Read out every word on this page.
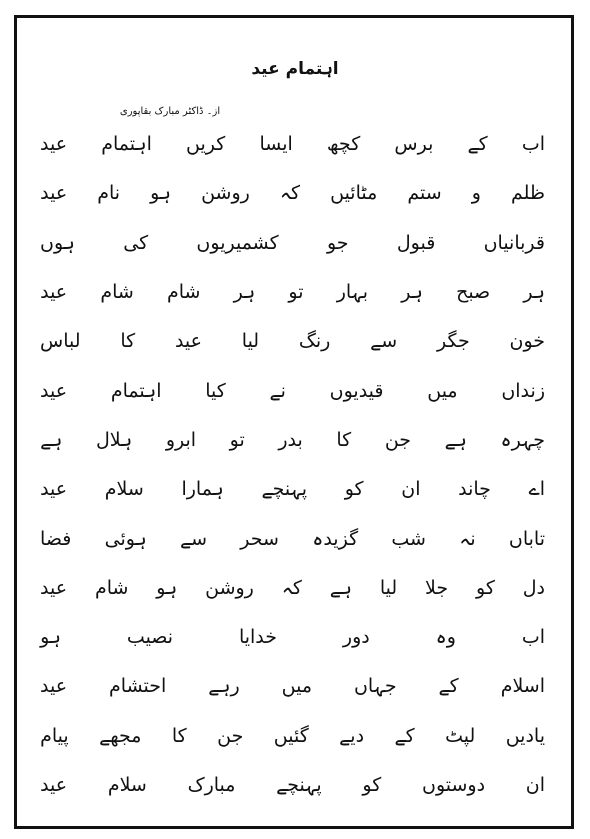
اہتمام عید
از۔ ڈاکٹر مبارک بقاپوری
اب
کے
برس
کچھ
ایسا
کریں
اہتمام
عید
ظلم
و
ستم
مٹائیں
کہ
روشن
ہو
نام
عید
قربانیاں
قبول
جو
کشمیریوں
کی
ہوں
ہر
صبح
ہر
بہار
تو
ہر
شام
شام
عید
خون
جگر
سے
رنگ
لیا
عید
کا
لباس
زنداں
میں
قیدیوں
نے
کیا
اہتمام
عید
چہرہ
ہے
جن
کا
بدر
تو
ابرو
ہلال
ہے
اے
چاند
ان
کو
پہنچے
ہمارا
سلام
عید
تاباں
نہ
شب
گزیدہ
سحر
سے
ہوئی
فضا
دل
کو
جلا
لیا
ہے
کہ
روشن
ہو
شام
عید
اب
وہ
دور
خدایا
نصیب
ہو
اسلام
کے
جہاں
میں
رہے
احتشام
عید
یادیں
لپٹ
کے
دیے
گئیں
جن
کا
مجھے
پیام
ان
دوستوں
کو
پہنچے
مبارک
سلام
عید
